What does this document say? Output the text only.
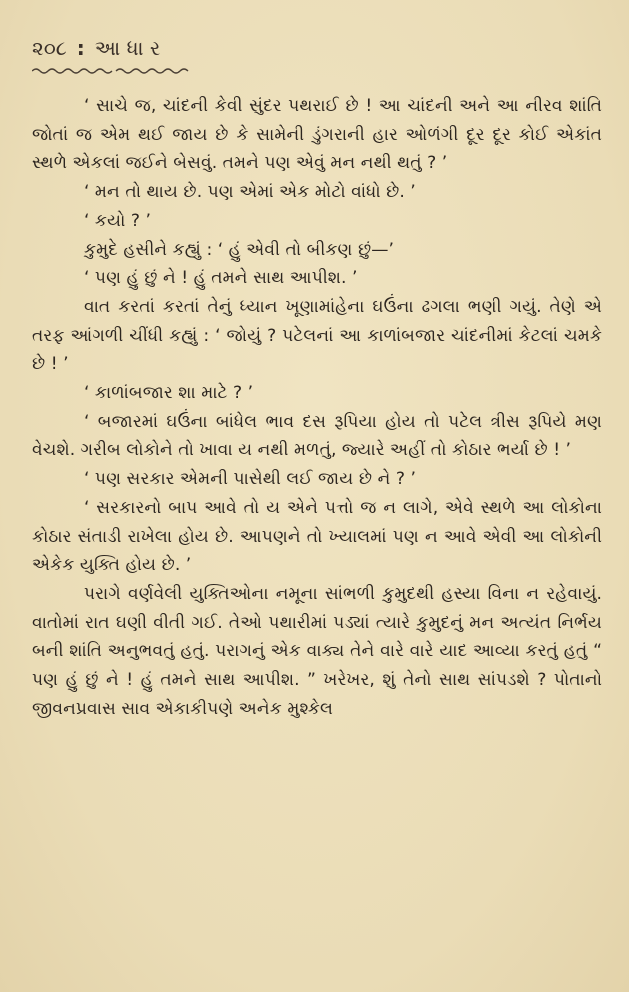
૨૦૮ : આ ધા ર

‘ સાચે જ, ચાંદની કેવી સુંદર પથરાઈ છે ! આ ચાંદની અને આ નીરવ શાંતિ જોતાં જ એમ થઈ જાય છે કે સામેની ડુંગરાની હાર ઓળંગી દૂર દૂર કોઈ એકાંત સ્થળે એકલાં જઈને બેસવું. તમને પણ એવું મન નથી થતું ? ’

‘ મન તો થાય છે. પણ એમાં એક મોટો વાંધો છે. ’

‘ કયો ? ’

કુમુદે હસીને કહ્યું : ‘ હું એવી તો બીકણ છું—’

‘ પણ હું છું ને ! હું તમને સાથ આપીશ. ’

વાત કરતાં કરતાં તેનું ધ્યાન ખૂણામાંહેના ઘઉંના ઢગલા ભણી ગયું. તેણે એ તરફ આંગળી ચીંધી કહ્યું : ‘ જોયું ? પટેલનાં આ કાળાંબજાર ચાંદનીમાં કેટલાં ચમકે છે ! ’

‘ કાળાંબજાર શા માટે ? ’

‘ બજારમાં ઘઉંના બાંધેલ ભાવ દસ રૂપિયા હોય તો પટેલ ત્રીસ રૂપિયે મણ વેચશે. ગરીબ લોકોને તો ખાવા ય નથી મળતું, જ્યારે અહીં તો કોઠાર ભર્યા છે ! ’

‘ પણ સરકાર એમની પાસેથી લઈ જાય છે ને ? ’

‘ સરકારનો બાપ આવે તો ય એને પત્તો જ ન લાગે, એવે સ્થળે આ લોકોના કોઠાર સંતાડી રાખેલા હોય છે. આપણને તો ખ્યાલમાં પણ ન આવે એવી આ લોકોની એકેક યુક્તિ હોય છે. ’

પરાગે વર્ણવેલી યુક્તિઓના નમૂના સાંભળી કુમુદથી હસ્યા વિના ન રહેવાયું. વાતોમાં રાત ઘણી વીતી ગઈ. તેઓ પથારીમાં પડ્યાં ત્યારે કુમુદનું મન અત્યંત નિર્ભય બની શાંતિ અનુભવતું હતું. પરાગનું એક વાક્ય તેને વારે વારે યાદ આવ્યા કરતું હતું “ પણ હું છું ને ! હું તમને સાથ આપીશ. ” ખરેખર, શું તેનો સાથ સાંપડશે ? પોતાનો જીવનપ્રવાસ સાવ એકાકીપણે અનેક મુશ્કેલ
